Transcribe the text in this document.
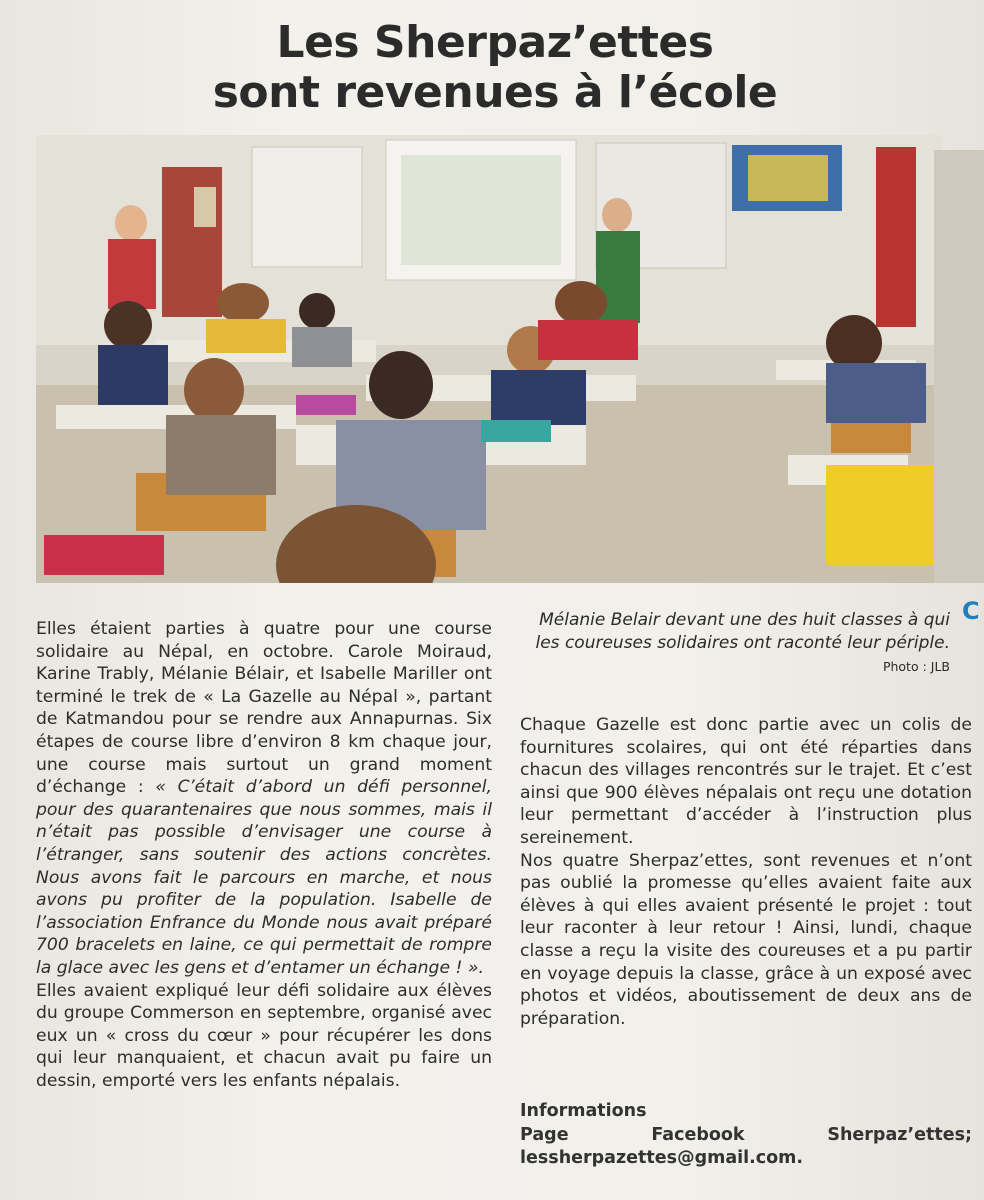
Les Sherpaz’ettes
sont revenues à l’école
Mélanie Belair devant une des huit classes à qui les coureuses solidaires ont raconté leur périple. Photo : JLB

Elles étaient parties à quatre pour une course solidaire au Népal, en octobre. Carole Moiraud, Karine Trably, Mélanie Bélair, et Isabelle Mariller ont terminé le trek de « La Gazelle au Népal », partant de Katmandou pour se rendre aux Annapurnas. Six étapes de course libre d’environ 8 km chaque jour, une course mais surtout un grand moment d’échange : « C’était d’abord un défi personnel, pour des quarantenaires que nous sommes, mais il n’était pas possible d’envisager une course à l’étranger, sans soutenir des actions concrètes. Nous avons fait le parcours en marche, et nous avons pu profiter de la population. Isabelle de l’association Enfrance du Monde nous avait préparé 700 bracelets en laine, ce qui permettait de rompre la glace avec les gens et d’entamer un échange ! ».

Elles avaient expliqué leur défi solidaire aux élèves du groupe Commerson en septembre, organisé avec eux un « cross du cœur » pour récupérer les dons qui leur manquaient, et chacun avait pu faire un dessin, emporté vers les enfants népalais.

Chaque Gazelle est donc partie avec un colis de fournitures scolaires, qui ont été réparties dans chacun des villages rencontrés sur le trajet. Et c’est ainsi que 900 élèves népalais ont reçu une dotation leur permettant d’accéder à l’instruction plus sereinement.

Nos quatre Sherpaz’ettes, sont revenues et n’ont pas oublié la promesse qu’elles avaient faite aux élèves à qui elles avaient présenté le projet : tout leur raconter à leur retour ! Ainsi, lundi, chaque classe a reçu la visite des coureuses et a pu partir en voyage depuis la classe, grâce à un exposé avec photos et vidéos, aboutissement de deux ans de préparation.

Informations
Page Facebook Sherpaz’ettes; lessherpazettes@gmail.com.
C
